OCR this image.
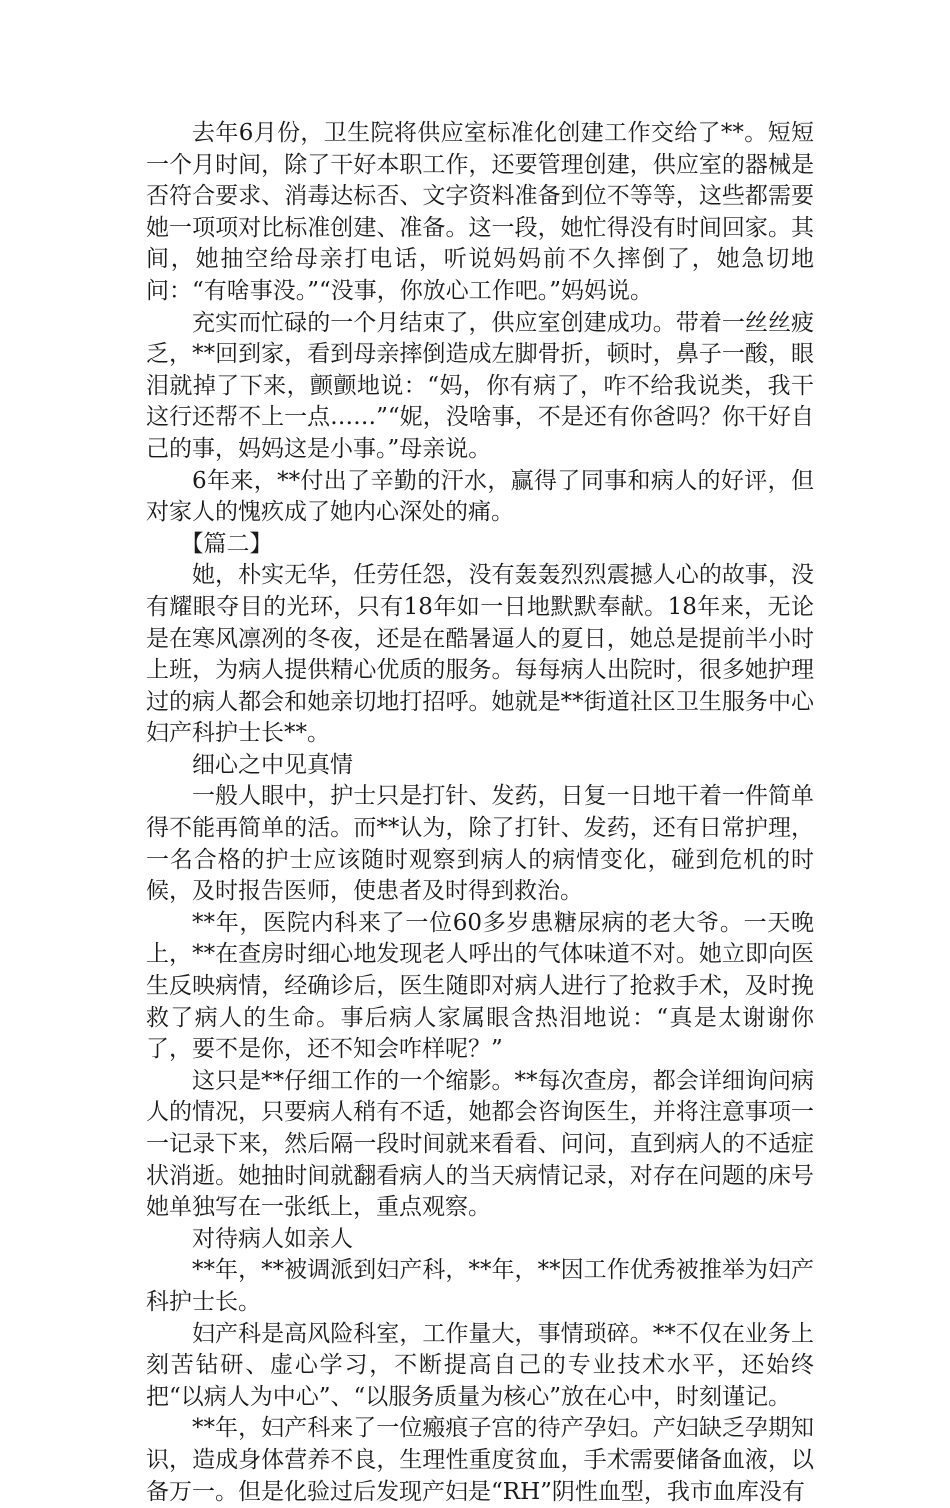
去年6月份，卫生院将供应室标准化创建工作交给了**。短短一个月时间，除了干好本职工作，还要管理创建，供应室的器械是否符合要求、消毒达标否、文字资料准备到位不等等，这些都需要她一项项对比标准创建、准备。这一段，她忙得没有时间回家。其间，她抽空给母亲打电话，听说妈妈前不久摔倒了，她急切地问：“有啥事没。”“没事，你放心工作吧。”妈妈说。

充实而忙碌的一个月结束了，供应室创建成功。带着一丝丝疲乏，**回到家，看到母亲摔倒造成左脚骨折，顿时，鼻子一酸，眼泪就掉了下来，颤颤地说：“妈，你有病了，咋不给我说类，我干这行还帮不上一点……”“妮，没啥事，不是还有你爸吗？你干好自己的事，妈妈这是小事。”母亲说。

6年来，**付出了辛勤的汗水，赢得了同事和病人的好评，但对家人的愧疚成了她内心深处的痛。

【篇二】

她，朴实无华，任劳任怨，没有轰轰烈烈震撼人心的故事，没有耀眼夺目的光环，只有18年如一日地默默奉献。18年来，无论是在寒风凛冽的冬夜，还是在酷暑逼人的夏日，她总是提前半小时上班，为病人提供精心优质的服务。每每病人出院时，很多她护理过的病人都会和她亲切地打招呼。她就是**街道社区卫生服务中心妇产科护士长**。

细心之中见真情

一般人眼中，护士只是打针、发药，日复一日地干着一件简单得不能再简单的活。而**认为，除了打针、发药，还有日常护理，一名合格的护士应该随时观察到病人的病情变化，碰到危机的时候，及时报告医师，使患者及时得到救治。

**年，医院内科来了一位60多岁患糖尿病的老大爷。一天晚上，**在查房时细心地发现老人呼出的气体味道不对。她立即向医生反映病情，经确诊后，医生随即对病人进行了抢救手术，及时挽救了病人的生命。事后病人家属眼含热泪地说：“真是太谢谢你了，要不是你，还不知会咋样呢？”

这只是**仔细工作的一个缩影。**每次查房，都会详细询问病人的情况，只要病人稍有不适，她都会咨询医生，并将注意事项一一记录下来，然后隔一段时间就来看看、问问，直到病人的不适症状消逝。她抽时间就翻看病人的当天病情记录，对存在问题的床号她单独写在一张纸上，重点观察。

对待病人如亲人

**年，**被调派到妇产科，**年，**因工作优秀被推举为妇产科护士长。

妇产科是高风险科室，工作量大，事情琐碎。**不仅在业务上刻苦钻研、虚心学习，不断提高自己的专业技术水平，还始终把“以病人为中心”、“以服务质量为核心”放在心中，时刻谨记。

**年，妇产科来了一位瘢痕子宫的待产孕妇。产妇缺乏孕期知识，造成身体营养不良，生理性重度贫血，手术需要储备血液，以备万一。但是化验过后发现产妇是“RH”阴性血型，我市血库没有
